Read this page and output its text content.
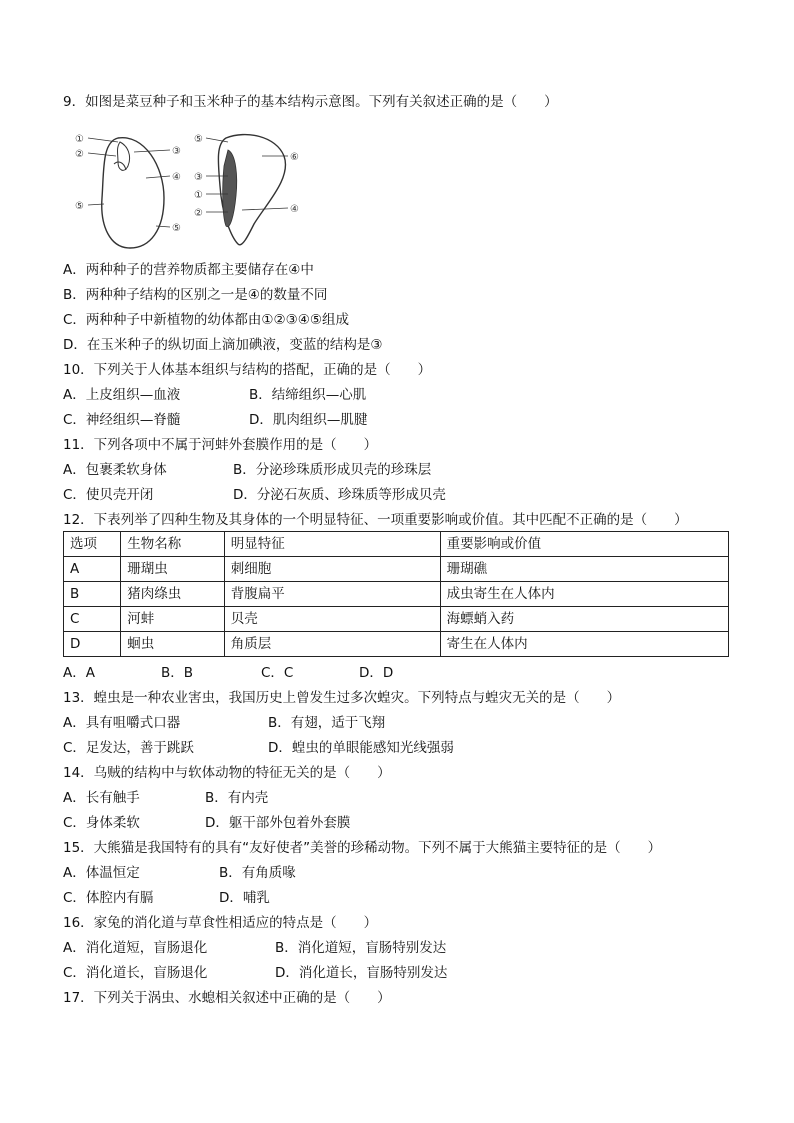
9．如图是菜豆种子和玉米种子的基本结构示意图。下列有关叙述正确的是（　　）
①
②	③
④
⑤
⑤
⑤
⑥
③
①
②	④
A．两种种子的营养物质都主要储存在④中
B．两种种子结构的区别之一是④的数量不同
C．两种种子中新植物的幼体都由①②③④⑤组成
D．在玉米种子的纵切面上滴加碘液，变蓝的结构是③
10．下列关于人体基本组织与结构的搭配，正确的是（　　）
A．上皮组织—血液	B．结缔组织—心肌
C．神经组织—脊髓	D．肌肉组织—肌腱
11．下列各项中不属于河蚌外套膜作用的是（　　）
A．包裹柔软身体	B．分泌珍珠质形成贝壳的珍珠层
C．使贝壳开闭	D．分泌石灰质、珍珠质等形成贝壳
12．下表列举了四种生物及其身体的一个明显特征、一项重要影响或价值。其中匹配不正确的是（　　）
选项	生物名称	明显特征	重要影响或价值
A	珊瑚虫	刺细胞	珊瑚礁
B	猪肉绦虫	背腹扁平	成虫寄生在人体内
C	河蚌	贝壳	海螵蛸入药
D	蛔虫	角质层	寄生在人体内
A．A	B．B	C．C	D．D
13．蝗虫是一种农业害虫，我国历史上曾发生过多次蝗灾。下列特点与蝗灾无关的是（　　）
A．具有咀嚼式口器	B．有翅，适于飞翔
C．足发达，善于跳跃	D．蝗虫的单眼能感知光线强弱
14．乌贼的结构中与软体动物的特征无关的是（　　）
A．长有触手	B．有内壳
C．身体柔软	D．躯干部外包着外套膜
15．大熊猫是我国特有的具有“友好使者”美誉的珍稀动物。下列不属于大熊猫主要特征的是（　　）
A．体温恒定	B．有角质喙
C．体腔内有膈	D．哺乳
16．家兔的消化道与草食性相适应的特点是（　　）
A．消化道短，盲肠退化	B．消化道短，盲肠特别发达
C．消化道长，盲肠退化	D．消化道长，盲肠特别发达
17．下列关于涡虫、水螅相关叙述中正确的是（　　）
